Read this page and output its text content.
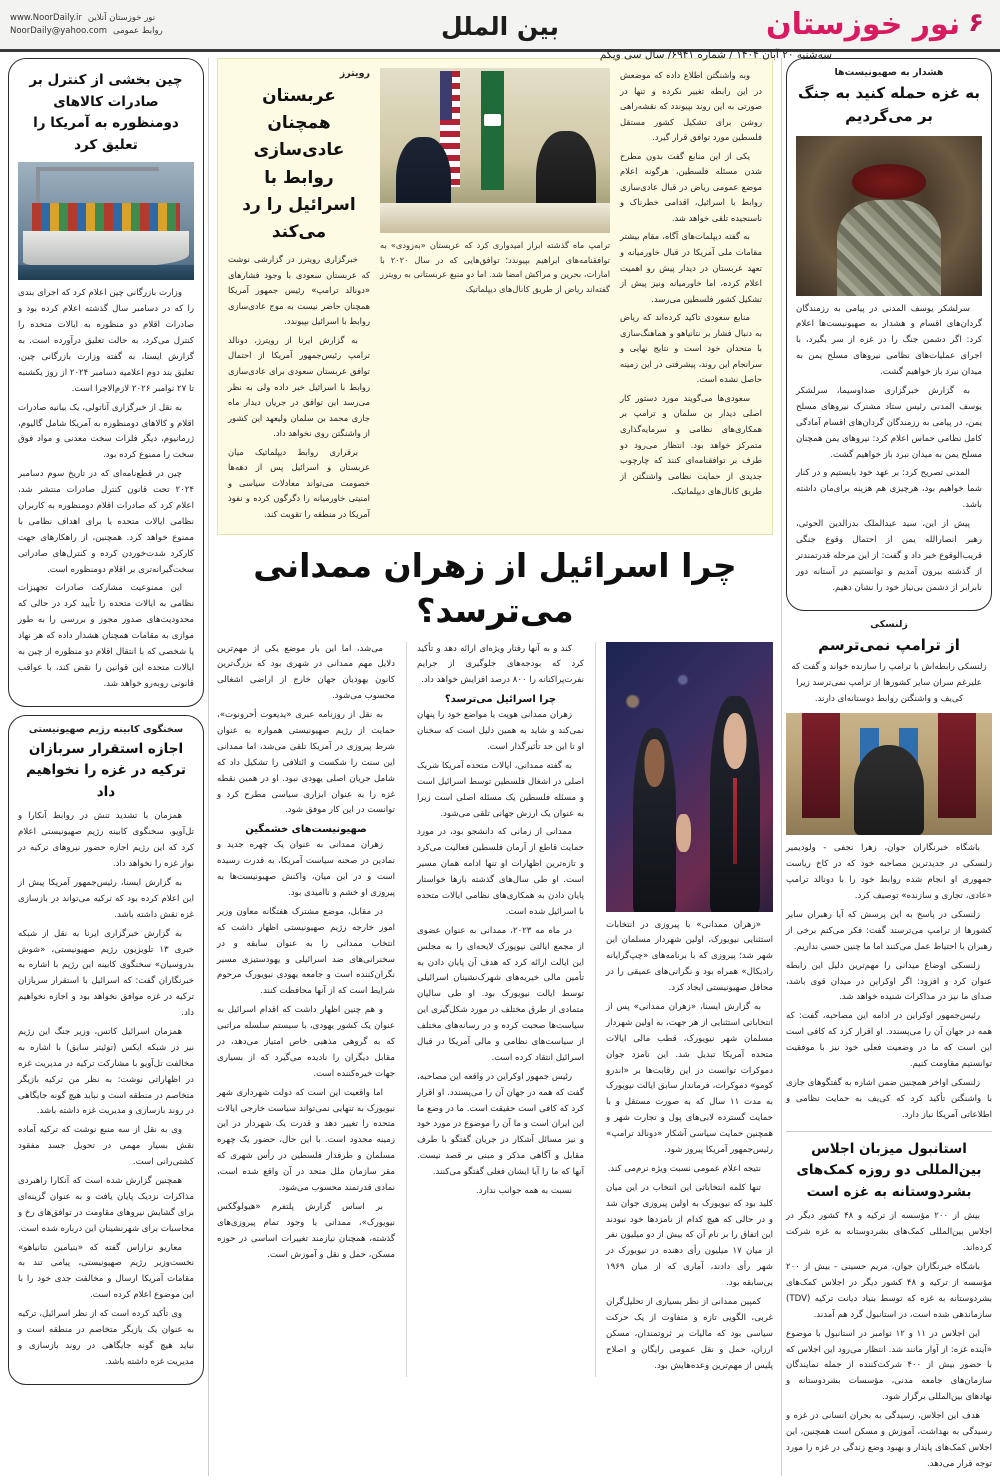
۶
نور خوزستان
بین الملل
www.NoorDaily.ir نور خوزستان آنلاین
NoorDaily@yahoo.com روابط عمومی
سه‌شنبه ۲۰ آبان ۱۴۰۴ / شماره ۶۹۴۱/ سال سی ویکم
هشدار به صهیونیست‌ها
به غزه حمله کنید به جنگ بر می‌گردیم

سرلشکر یوسف المدنی در پیامی به رزمندگان گردان‌های اقسام و هشدار به صهیونیست‌ها اعلام کرد: اگر دشمن جنگ را در غزه از سر بگیرد، با اجرای عملیات‌های نظامی نیروهای مسلح یمن به میدان نبرد باز خواهیم گشت.

به گزارش خبرگزاری صداوسیما، سرلشکر یوسف المدنی رئیس ستاد مشترک نیروهای مسلح یمن، در پیامی به رزمندگان گردان‌های اقسام آمادگی کامل نظامی حماس اعلام کرد: نیروهای یمن همچنان مسلح یمن به میدان نبرد باز خواهیم گشت.

المدنی تصریح کرد: بر عهد خود بایستیم و در کنار شما خواهیم بود، هرچیزی هم هزینه برای‌مان داشته باشد.

پیش از این، سید عبدالملک بدرالدین الحوثی، رهبر انصارالله یمن از احتمال وقوع جنگی قریب‌الوقوع خبر داد و گفت: از این مرحله قدرتمندتر از گذشته بیرون آمدیم و توانستیم در آستانه دور نابرابر از دشمن بی‌نیاز خود را نشان دهیم.

زلنسکی
از ترامپ نمی‌ترسم
زلنسکی رابطه‌اش با ترامپ را سازنده خواند و گفت که علیرغم سران سایر کشورها از ترامپ نمی‌ترسد زیرا کی‌یف و واشنگتن روابط دوستانه‌ای دارند.

باشگاه خبرنگاران جوان، زهرا نجفی - ولودیمیر زلنسکی در جدیدترین مصاحبه خود که در کاخ ریاست جمهوری او انجام شده روابط خود را با دونالد ترامپ «عادی، تجاری و سازنده» توصیف کرد.

زلنسکی در پاسخ به این پرسش که آیا رهبران سایر کشورها از ترامپ می‌ترسند گفت: فکر می‌کنم برخی از رهبران با احتیاط عمل می‌کنند اما ما چنین حسی نداریم.

زلنسکی اوضاع میدانی را مهم‌ترین دلیل این رابطه عنوان کرد و افزود: اگر اوکراین در میدان قوی باشد، صدای ما نیز در مذاکرات شنیده خواهد شد.

رئیس‌جمهور اوکراین در ادامه این مصاحبه، گفت: که همه در جهان آن را می‌پسندد. او اقرار کرد که کافی است این است که ما در وضعیت فعلی خود نیز با موفقیت توانستیم مقاومت کنیم.

زلنسکی اواخر همچنین ضمن اشاره به گفتگوهای جاری با واشنگتن تأکید کرد که کی‌یف به حمایت نظامی و اطلاعاتی آمریکا نیاز دارد.

استانبول میزبان اجلاس بین‌المللی دو روزه کمک‌های بشردوستانه به غزه است

بیش از ۲۰۰ مؤسسه از ترکیه و ۴۸ کشور دیگر در اجلاس بین‌المللی کمک‌های بشردوستانه به غزه شرکت کرده‌اند.

باشگاه خبرنگاران جوان، مریم حسینی - بیش از ۲۰۰ مؤسسه از ترکیه و ۴۸ کشور دیگر در اجلاس کمک‌های بشردوستانه به غزه که توسط بنیاد دیانت ترکیه (TDV) سازماندهی شده است، در استانبول گرد هم آمدند.

این اجلاس در ۱۱ و ۱۲ نوامبر در استانبول با موضوع «آینده غزه: از آوار مانند شد. انتظار می‌رود این اجلاس که با حضور بیش از ۴۰۰ شرکت‌کننده از جمله نمایندگان سازمان‌های جامعه مدنی، مؤسسات بشردوستانه و نهادهای بین‌المللی برگزار شود.

هدف این اجلاس، رسیدگی به بحران انسانی در غزه و رسیدگی به بهداشت، آموزش و مسکن است همچنین، این اجلاس کمک‌های پایدار و بهبود وضع زندگی در غزه را مورد توجه قرار می‌دهد.

وبه واشنگتن اطلاع داده که موضعش در این رابطه تغییر نکرده و تنها در صورتی به این روند بپیوندد که نقشه‌راهی روشن برای تشکیل کشور مستقل فلسطین مورد توافق قرار گیرد.

یکی از این منابع گفت بدون مطرح شدن مسئله فلسطین، هرگونه اعلام موضع عمومی ریاض در قبال عادی‌سازی روابط با اسرائیل، اقدامی خطرناک و ناسنجیده تلقی خواهد شد.

به گفته دیپلمات‌های آگاه، مقام بیشتر مقامات ملی آمریکا در قبال خاورمیانه و تعهد عربستان در دیدار پیش رو اهمیت اعلام کرده، اما خاورمیانه ونیز پیش از تشکیل کشور فلسطین می‌رسد.

منابع سعودی تاکید کرده‌اند که ریاض به دنبال فشار بر نتانیاهو و هماهنگ‌سازی با متحدان خود است و نتایج نهایی و سرانجام این روند، پیشرفتی در این زمینه حاصل نشده است.

سعودی‌ها می‌گویند مورد دستور کار اصلی دیدار بن سلمان و ترامپ بر همکاری‌های نظامی و سرمایه‌گذاری متمرکز خواهد بود. انتظار می‌رود دو طرف بر توافقنامه‌ای کنند که چارچوب جدیدی از حمایت نظامی واشنگتن از طریق کانال‌های دیپلماتیک.

ترامپ ماه گذشته ابراز امیدواری کرد که عربستان «به‌زودی» به توافقنامه‌های ابراهیم بپیوندد؛ توافق‌هایی که در سال ۲۰۲۰ با امارات، بحرین و مراکش امضا شد. اما دو منبع عربستانی به رویترز گفته‌اند ریاض از طریق کانال‌های دیپلماتیک
رویترز
عربستان همچنان عادی‌سازی روابط با اسرائیل را رد می‌کند

خبرگزاری رویترز در گزارشی نوشت که عربستان سعودی با وجود فشارهای «دونالد ترامپ» رئیس جمهور آمریکا همچنان حاضر نیست به موج عادی‌سازی روابط با اسرائیل بپیوندد.

به گزارش ایرنا از رویترز، دونالد ترامپ رئیس‌جمهور آمریکا از احتمال توافق عربستان سعودی برای عادی‌سازی روابط با اسرائیل خبر داده ولی به نظر می‌رسد این توافق در جریان دیدار ماه جاری محمد بن سلمان ولیعهد این کشور از واشنگتن روی نخواهد داد.

برقراری روابط دیپلماتیک میان عربستان و اسرائیل پس از دهه‌ها خصومت می‌تواند معادلات سیاسی و امنیتی خاورمیانه را دگرگون کرده و نفوذ آمریکا در منطقه را تقویت کند.

چرا اسرائیل از زهران ممدانی می‌ترسد؟

«زهران ممدانی» با پیروزی در انتخابات استثنایی نیویورک، اولین شهردار مسلمان این شهر شد؛ پیروزی که با برنامه‌های «چپ‌گرایانه رادیکال» همراه بود و نگرانی‌های عمیقی را در محافل صهیونیستی ایجاد کرد.

به گزارش ایسنا، «زهران ممدانی» پس از انتخاباتی استثنایی از هر جهت، به اولین شهردار مسلمان شهر نیویورک، قطب مالی ایالات متحده آمریکا تبدیل شد. این نامزد جوان دموکرات توانست در این رقابت‌ها بر «اندرو کومو» دموکرات، فرماندار سابق ایالت نیویورک به مدت ۱۱ سال که به صورت مستقل و با حمایت گسترده لابی‌های پول و تجارت شهر و همچنین حمایت سیاسی آشکار «دونالد ترامپ» رئیس‌جمهور آمریکا پیروز شود.

نتیجه اعلام عمومی نسبت ویژه نرم‌می کند.

تنها کلمه انتخاباتی این انتخاب در این میان کلید بود که نیویورک به اولین پیروزی جوان شد و در حالی که هیچ کدام از نامزدها خود نبودند این اتفاق را بر نام آن که بیش از دو میلیون نفر از میان ۱۷ میلیون رأی دهنده در نیویورک در شهر رأی دادند، آماری که از میان ۱۹۶۹ بی‌سابقه بود.

کمپین ممدانی از نظر بسیاری از تحلیل‌گران غربی، الگویی تازه و متفاوت از یک حرکت سیاسی بود که مالیات بر ثروتمندان، مسکن ارزان، حمل و نقل عمومی رایگان و اصلاح پلیس از مهم‌ترین وعده‌هایش بود.

کند و به آنها رفتار ویژه‌ای ارائه دهد و تأکید کرد که بودجه‌های جلوگیری از جرایم نفرت‌پراکنانه را ۸۰۰ درصد افزایش خواهد داد.

چرا اسرائیل می‌ترسد؟

زهران ممدانی هویت یا مواضع خود را پنهان نمی‌کند و شاید به همین دلیل است که سخنان او تا این حد تأثیرگذار است.

به گفته ممدانی، ایالات متحده آمریکا شریک اصلی در اشغال فلسطین توسط اسرائیل است و مسئله فلسطین یک مسئله اصلی است زیرا به عنوان یک ارزش جهانی تلقی می‌شود.

ممدانی از زمانی که دانشجو بود، در مورد حمایت قاطع از آرمان فلسطین فعالیت می‌کرد و تازه‌ترین اظهارات او تنها ادامه همان مسیر است. او طی سال‌های گذشته بارها خواستار پایان دادن به همکاری‌های نظامی ایالات متحده با اسرائیل شده است.

در ماه مه ۲۰۲۳، ممدانی به عنوان عضوی از مجمع ایالتی نیویورک لایحه‌ای را به مجلس این ایالت ارائه کرد که هدف آن پایان دادن به تأمین مالی خیریه‌های شهرک‌نشینان اسرائیلی توسط ایالت نیویورک بود. او طی سالیان متمادی از طرق مختلف در مورد شکل‌گیری این سیاست‌ها صحبت کرده و در رسانه‌های مختلف از سیاست‌های نظامی و مالی آمریکا در قبال اسرائیل انتقاد کرده است.

رئیس جمهور اوکراین در واقعه این مصاحبه، گفت که همه در جهان آن را می‌پسندد. او اقرار کرد که کافی است حقیقت است. ما در وضع ما این ایران است و ما آن را موضوع در مورد خود و نیز مسائل آشکار در جریان گفتگو با طرف مقابل و آگاهی مذکر و مبنی بر قصد نیست. آنها که ما را آیا ایشان فعلی گفتگو می‌کنند.

نسبت به همه جوانب ندارد.

می‌شد، اما این بار موضع یکی از مهم‌ترین دلایل مهم ممدانی در شهری بود که بزرگ‌ترین کانون یهودیان جهان خارج از اراضی اشغالی محسوب می‌شود.

به نقل از روزنامه عبری «یدیعوت أحرونوت»، حمایت از رژیم صهیونیستی همواره به عنوان شرط پیروزی در آمریکا تلقی می‌شد، اما ممدانی این سنت را شکست و ائتلافی را تشکیل داد که شامل جریان اصلی یهودی نبود. او در همین نقطه غزه را به عنوان ابزاری سیاسی مطرح کرد و توانست در این کار موفق شود.

صهیونیست‌های خشمگین

زهران ممدانی به عنوان یک چهره جدید و نمادین در صحنه سیاست آمریکا، به قدرت رسیده است و در این میان، واکنش صهیونیست‌ها به پیروزی او خشم و ناامیدی بود.

در مقابل، موضع مشترک هفتگانه معاون وزیر امور خارجه رژیم صهیونیستی اظهار داشت که انتخاب ممدانی را به عنوان سابقه و در سخنرانی‌های ضد اسرائیلی و یهودستیزی مسیر نگران‌کننده است و جامعه یهودی نیویورک مرحوم شرایط است که از آنها محافظت کنند.

و هم چنین اظهار داشت که اقدام اسرائیل به عنوان یک کشور یهودی، با سیستم سلسله مراتبی که به گروهی مذهبی خاص امتیاز می‌دهد، در مقابل دیگران را نادیده می‌گیرد که از بسیاری جهات خیره‌کننده است.

اما واقعیت این است که دولت شهرداری شهر نیویورک به تنهایی نمی‌تواند سیاست خارجی ایالات متحده را تغییر دهد و قدرت یک شهردار در این زمینه محدود است. با این حال، حضور یک چهره مسلمان و طرفدار فلسطین در رأس شهری که مقر سازمان ملل متحد در آن واقع شده است، نمادی قدرتمند محسوب می‌شود.

بر اساس گزارش پلتفرم «هیولوگکس نیویورک»، ممدانی با وجود تمام پیروزی‌های گذشته، همچنان نیازمند تغییرات اساسی در حوزه مسکن، حمل و نقل و آموزش است.

چین بخشی از کنترل بر صادرات کالاهای دومنظوره به آمریکا را تعلیق کرد

وزارت بازرگانی چین اعلام کرد که اجرای بندی را که در دسامبر سال گذشته اعلام کرده بود و صادرات اقلام دو منظوره به ایالات متحده را کنترل می‌کرد، به حالت تعلیق درآورده است. به گزارش ایسنا، به گفته وزارت بازرگانی چین، تعلیق بند دوم اعلامیه دسامبر ۲۰۲۴ از روز یکشنبه تا ۲۷ نوامبر ۲۰۲۶ لازم‌الاجرا است.

به نقل از خبرگزاری آناتولی، یک بیانیه صادرات اقلام و کالاهای دومنظوره به آمریکا شامل گالیوم، ژرمانیوم، دیگر فلزات سخت معدنی و مواد فوق سخت را ممنوع کرده بود.

چین در قطع‌نامه‌ای که در تاریخ سوم دسامبر ۲۰۲۴ تحت قانون کنترل صادرات منتشر شد، اعلام کرد که صادرات اقلام دومنظوره به کاربران نظامی ایالات متحده یا برای اهداف نظامی با ممنوع خواهد کرد. همچنین، از راهکارهای جهت کارکرد شدت‌خوردن کرده و کنترل‌های صادراتی سخت‌گیرانه‌تری بر اقلام دومنظوره است.

این ممنوعیت مشارکت صادرات تجهیزات نظامی به ایالات متحده را تأیید کرد در حالی که محدودیت‌های صدور مجوز و بررسی را به طور موازی به مقامات همچنان هشدار داده که هر نهاد یا شخصی که با انتقال اقلام دو منظوره از چین به ایالات متحده این قوانین را نقض کند، با عواقب قانونی روبه‌رو خواهد شد.

سخنگوی کابینه رژیم صهیونیستی
اجازه استقرار سربازان ترکیه در غزه را نخواهیم داد

همزمان با تشدید تنش در روابط آنکارا و تل‌آویو، سخنگوی کابینه رژیم صهیونیستی اعلام کرد که این رژیم اجازه حضور نیروهای ترکیه در نوار غزه را نخواهد داد.

به گزارش ایسنا، رئیس‌جمهور آمریکا پیش از این اعلام کرده بود که ترکیه می‌تواند در بازسازی غزه نقش داشته باشد.

به گزارش خبرگزاری ایرنا به نقل از شبکه خبری ۱۳ تلویزیون رژیم صهیونیستی، «شوش بدروسیان» سخنگوی کابینه این رژیم با اشاره به خبرنگاران گفت: که اسرائیل با استقرار سربازان ترکیه در غزه موافق نخواهد بود و اجازه نخواهیم داد.

همزمان اسرائیل کاتس، وزیر جنگ این رژیم نیز در شبکه ایکس (توئیتر سابق) با اشاره به مخالفت تل‌آویو با مشارکت ترکیه در مدیریت غزه در اظهاراتی نوشت: به نظر من ترکیه بازیگر متخاصم در منطقه است و نباید هیچ گونه جایگاهی در روند بازسازی و مدیریت غزه داشته باشد.

وی به نقل از سه منبع نوشت که ترکیه آماده نقش بسیار مهمی در تحویل جسد مفقود کشتی‌رانی است.

همچنین گزارش شده است که آنکارا راهبردی مذاکرات نزدیک پایان یافت و به عنوان گزینه‌ای برای گشایش نیروهای مقاومت در توافق‌های رخ و محاسبات برای شهرنشینان این درباره شده است.

معاریو نزاراس گفته که «بنیامین نتانیاهو» نخست‌وزیر رژیم صهیونیستی، پیامی تند به مقامات آمریکا ارسال و مخالفت جدی خود را با این موضوع اعلام کرده است.

وی تأکید کرده است که از نظر اسرائیل، ترکیه به عنوان یک بازیگر متخاصم در منطقه است و نباید هیچ گونه جایگاهی در روند بازسازی و مدیریت غزه داشته باشد.
